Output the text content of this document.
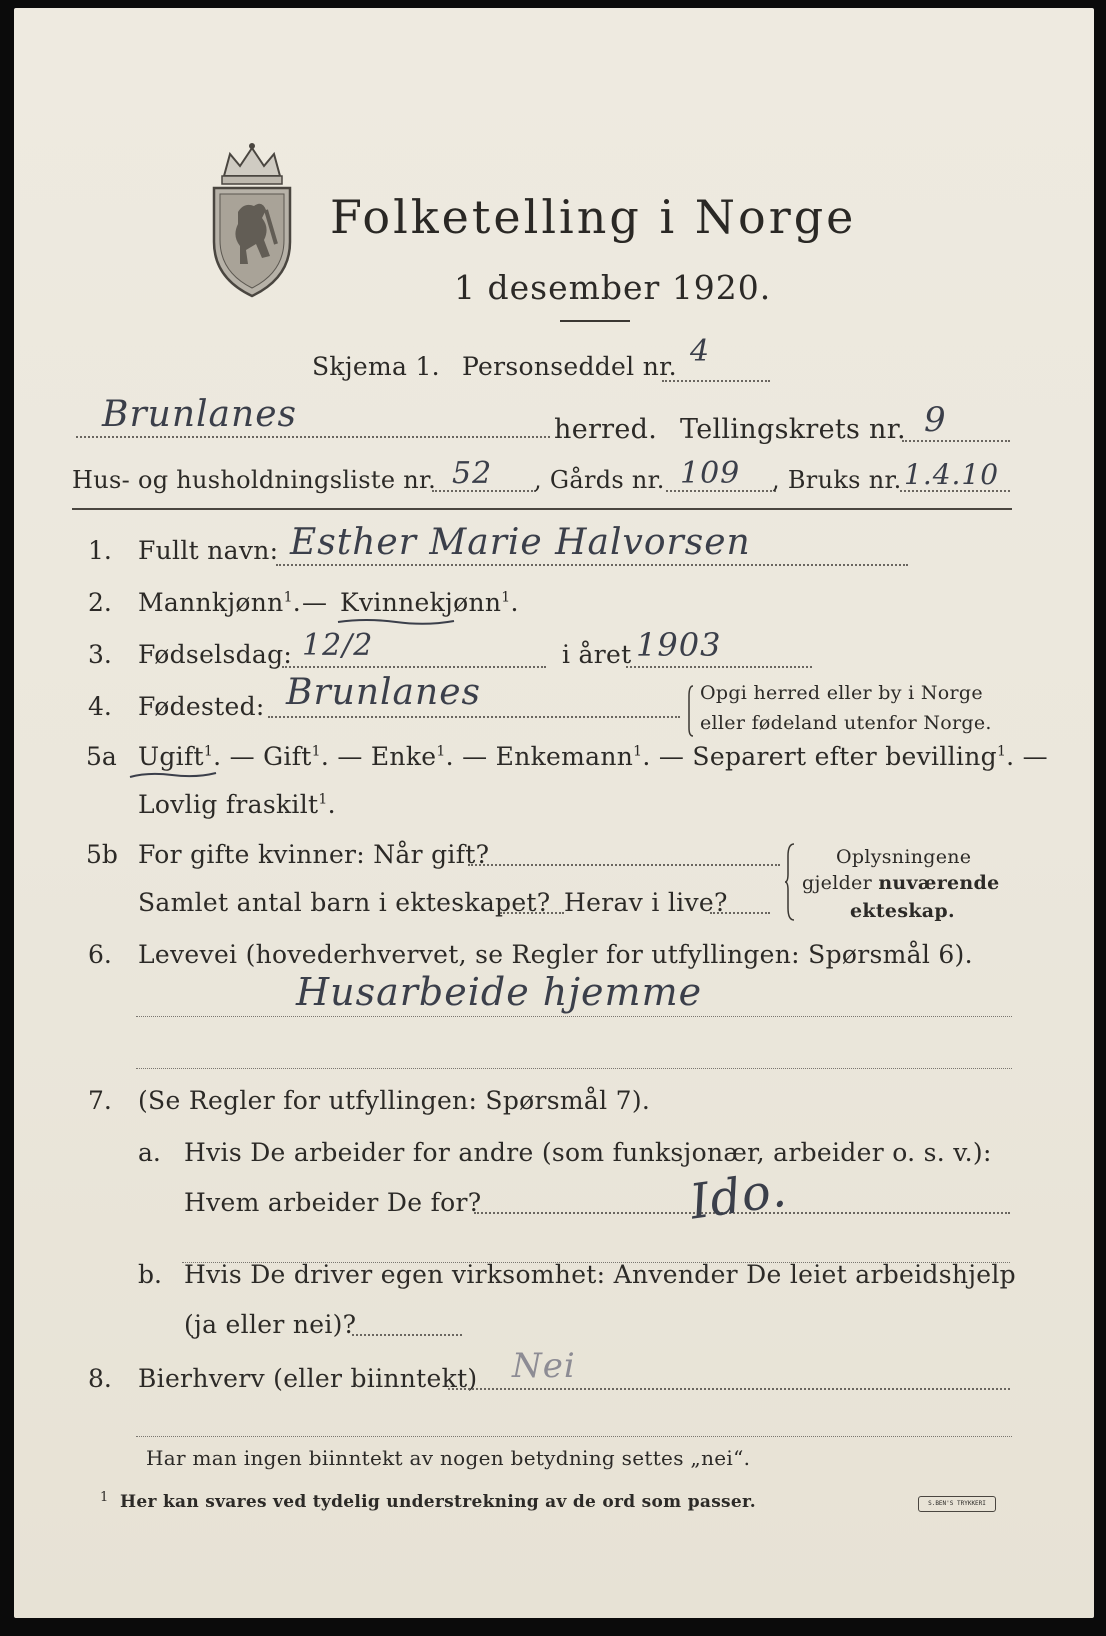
Folketelling i Norge
1 desember 1920.
Skjema 1. Personseddel nr. 4
Brunlanes	herred. Tellingskrets nr. 9
Hus- og husholdningsliste nr. 52 , Gårds nr. 109 , Bruks nr. 1.4.10
1. Fullt navn: Esther Marie Halvorsen
2. Mannkjønn$^1$. — Kvinnekjønn$^1$.
3. Fødselsdag: 12/2	i året 1903
4. Fødested: Brunlanes	Opgi herred eller by i Norge
eller fødeland utenfor Norge.
5a Ugift$^1$. — Gift$^1$. — Enke$^1$. — Enkemann$^1$. — Separert efter bevilling$^1$. —
Lovlig fraskilt$^1$.
5b For gifte kvinner: Når gift?
Samlet antal barn i ekteskapet? Herav i live?
Oplysningene
gjelder nuværende
ekteskap.
6. Levevei (hovederhvervet, se Regler for utfyllingen: Spørsmål 6).
Husarbeide hjemme
7. (Se Regler for utfyllingen: Spørsmål 7).
a. Hvis De arbeider for andre (som funksjonær, arbeider o. s. v.):
Hvem arbeider De for?	Ido.
b. Hvis De driver egen virksomhet: Anvender De leiet arbeidshjelp
(ja eller nei)?
8. Bierhverv (eller biinntekt) Nei
Har man ingen biinntekt av nogen betydning settes „nei“.
1 Her kan svares ved tydelig understrekning av de ord som passer.	S.BEN'S TRYKKERI
